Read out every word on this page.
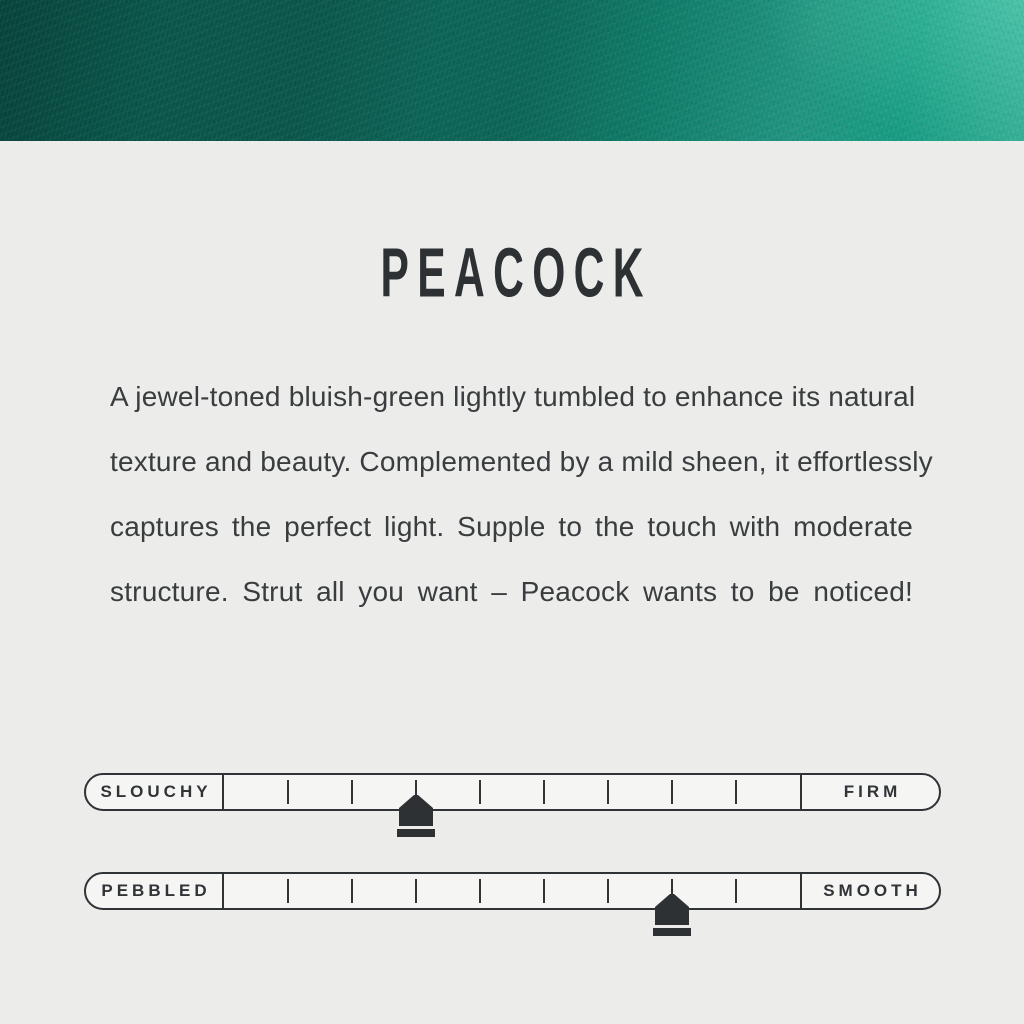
PEACOCK
A jewel-toned bluish-green lightly tumbled to enhance its natural
texture and beauty. Complemented by a mild sheen, it effortlessly
captures the perfect light. Supple to the touch with moderate
structure. Strut all you want – Peacock wants to be noticed!
SLOUCHY	FIRM
PEBBLED	SMOOTH
